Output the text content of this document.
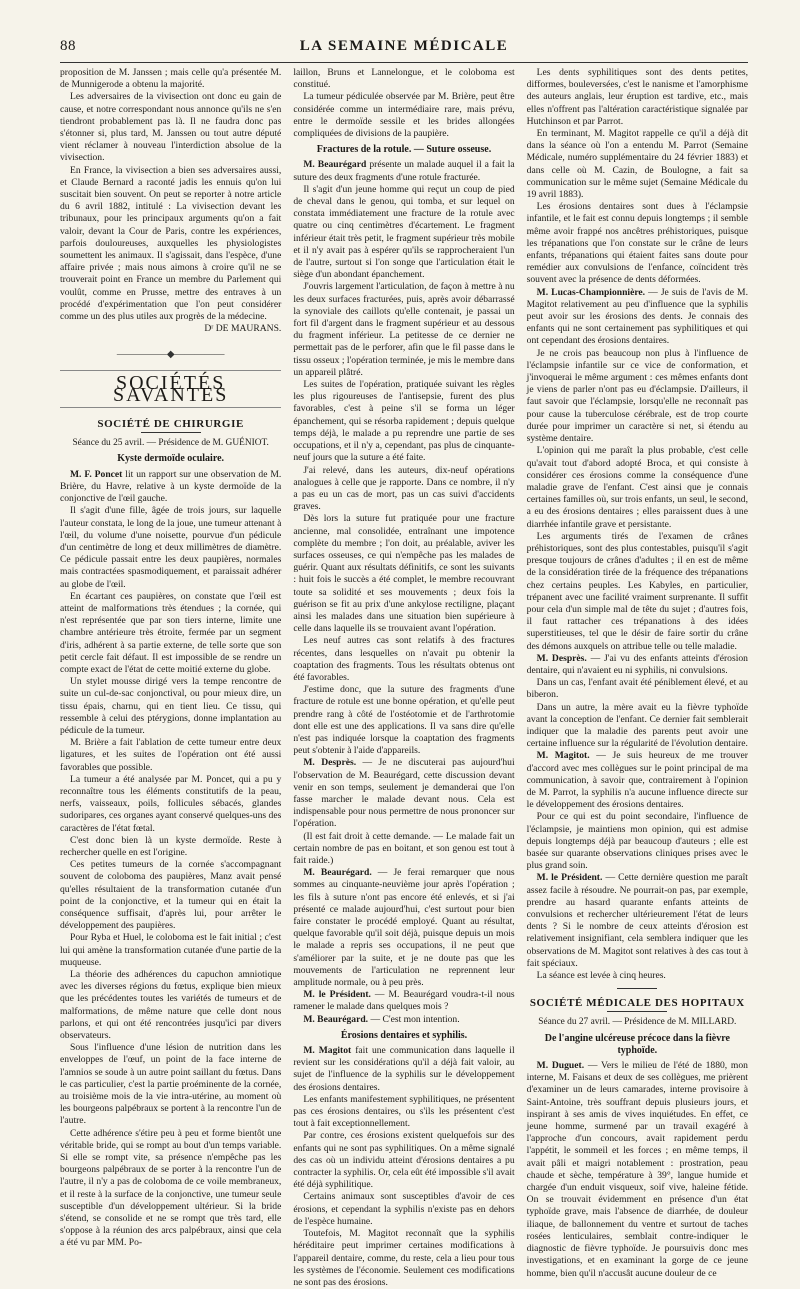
88	LA SEMAINE MÉDICALE

proposition de M. Janssen ; mais celle qu'a présentée M. de Munnigerode a obtenu la majorité.

Les adversaires de la vivisection ont donc eu gain de cause, et notre correspondant nous annonce qu'ils ne s'en tiendront probablement pas là. Il ne faudra donc pas s'étonner si, plus tard, M. Janssen ou tout autre député vient réclamer à nouveau l'interdiction absolue de la vivisection.

En France, la vivisection a bien ses adversaires aussi, et Claude Bernard a raconté jadis les ennuis qu'on lui suscitait bien souvent. On peut se reporter à notre article du 6 avril 1882, intitulé : La vivisection devant les tribunaux, pour les principaux arguments qu'on a fait valoir, devant la Cour de Paris, contre les expériences, parfois douloureuses, auxquelles les physiologistes soumettent les animaux. Il s'agissait, dans l'espèce, d'une affaire privée ; mais nous aimons à croire qu'il ne se trouverait point en France un membre du Parlement qui voulût, comme en Prusse, mettre des entraves à un procédé d'expérimentation que l'on peut considérer comme un des plus utiles aux progrès de la médecine.

Dʳ DE MAURANS.

—————◆—————
SOCIÉTÉS SAVANTES
SOCIÉTÉ DE CHIRURGIE
Séance du 25 avril. — Présidence de M. GUÉNIOT.
Kyste dermoïde oculaire.

M. F. Poncet lit un rapport sur une observation de M. Brière, du Havre, relative à un kyste dermoïde de la conjonctive de l'œil gauche.

Il s'agit d'une fille, âgée de trois jours, sur laquelle l'auteur constata, le long de la joue, une tumeur attenant à l'œil, du volume d'une noisette, pourvue d'un pédicule d'un centimètre de long et deux millimètres de diamètre. Ce pédicule passait entre les deux paupières, normales mais contractées spasmodiquement, et paraissait adhérer au globe de l'œil.

En écartant ces paupières, on constate que l'œil est atteint de malformations très étendues ; la cornée, qui n'est représentée que par son tiers interne, limite une chambre antérieure très étroite, fermée par un segment d'iris, adhérent à sa partie externe, de telle sorte que son petit cercle fait défaut. Il est impossible de se rendre un compte exact de l'état de cette moitié externe du globe.

Un stylet mousse dirigé vers la tempe rencontre de suite un cul-de-sac conjonctival, ou pour mieux dire, un tissu épais, charnu, qui en tient lieu. Ce tissu, qui ressemble à celui des ptérygions, donne implantation au pédicule de la tumeur.

M. Brière a fait l'ablation de cette tumeur entre deux ligatures, et les suites de l'opération ont été aussi favorables que possible.

La tumeur a été analysée par M. Poncet, qui a pu y reconnaître tous les éléments constitutifs de la peau, nerfs, vaisseaux, poils, follicules sébacés, glandes sudoripares, ces organes ayant conservé quelques-uns des caractères de l'état fœtal.

C'est donc bien là un kyste dermoïde. Reste à rechercher quelle en est l'origine.

Ces petites tumeurs de la cornée s'accompagnant souvent de coloboma des paupières, Manz avait pensé qu'elles résultaient de la transformation cutanée d'un point de la conjonctive, et la tumeur qui en était la conséquence suffisait, d'après lui, pour arrêter le développement des paupières.

Pour Ryba et Huel, le coloboma est le fait initial ; c'est lui qui amène la transformation cutanée d'une partie de la muqueuse.

La théorie des adhérences du capuchon amniotique avec les diverses régions du fœtus, explique bien mieux que les précédentes toutes les variétés de tumeurs et de malformations, de même nature que celle dont nous parlons, et qui ont été rencontrées jusqu'ici par divers observateurs.

Sous l'influence d'une lésion de nutrition dans les enveloppes de l'œuf, un point de la face interne de l'amnios se soude à un autre point saillant du fœtus. Dans le cas particulier, c'est la partie proéminente de la cornée, au troisième mois de la vie intra-utérine, au moment où les bourgeons palpébraux se portent à la rencontre l'un de l'autre.

Cette adhérence s'étire peu à peu et forme bientôt une véritable bride, qui se rompt au bout d'un temps variable. Si elle se rompt vite, sa présence n'empêche pas les bourgeons palpébraux de se porter à la rencontre l'un de l'autre, il n'y a pas de coloboma de ce voile membraneux, et il reste à la surface de la conjonctive, une tumeur seule susceptible d'un développement ultérieur. Si la bride s'étend, se consolide et ne se rompt que très tard, elle s'oppose à la réunion des arcs palpébraux, ainsi que cela a été vu par MM. Po-

laillon, Bruns et Lannelongue, et le coloboma est constitué.

La tumeur pédiculée observée par M. Brière, peut être considérée comme un intermédiaire rare, mais prévu, entre le dermoïde sessile et les brides allongées compliquées de divisions de la paupière.

Fractures de la rotule. — Suture osseuse.

M. Beaurégard présente un malade auquel il a fait la suture des deux fragments d'une rotule fracturée.

Il s'agit d'un jeune homme qui reçut un coup de pied de cheval dans le genou, qui tomba, et sur lequel on constata immédiatement une fracture de la rotule avec quatre ou cinq centimètres d'écartement. Le fragment inférieur était très petit, le fragment supérieur très mobile et il n'y avait pas à espérer qu'ils se rapprocheraient l'un de l'autre, surtout si l'on songe que l'articulation était le siège d'un abondant épanchement.

J'ouvris largement l'articulation, de façon à mettre à nu les deux surfaces fracturées, puis, après avoir débarrassé la synoviale des caillots qu'elle contenait, je passai un fort fil d'argent dans le fragment supérieur et au dessous du fragment inférieur. La petitesse de ce dernier ne permettait pas de le perforer, afin que le fil passe dans le tissu osseux ; l'opération terminée, je mis le membre dans un appareil plâtré.

Les suites de l'opération, pratiquée suivant les règles les plus rigoureuses de l'antisepsie, furent des plus favorables, c'est à peine s'il se forma un léger épanchement, qui se résorba rapidement ; depuis quelque temps déjà, le malade a pu reprendre une partie de ses occupations, et il n'y a, cependant, pas plus de cinquante-neuf jours que la suture a été faite.

J'ai relevé, dans les auteurs, dix-neuf opérations analogues à celle que je rapporte. Dans ce nombre, il n'y a pas eu un cas de mort, pas un cas suivi d'accidents graves.

Dès lors la suture fut pratiquée pour une fracture ancienne, mal consolidée, entraînant une impotence complète du membre ; l'on doit, au préalable, aviver les surfaces osseuses, ce qui n'empêche pas les malades de guérir. Quant aux résultats définitifs, ce sont les suivants : huit fois le succès a été complet, le membre recouvrant toute sa solidité et ses mouvements ; deux fois la guérison se fit au prix d'une ankylose rectiligne, plaçant ainsi les malades dans une situation bien supérieure à celle dans laquelle ils se trouvaient avant l'opération.

Les neuf autres cas sont relatifs à des fractures récentes, dans lesquelles on n'avait pu obtenir la coaptation des fragments. Tous les résultats obtenus ont été favorables.

J'estime donc, que la suture des fragments d'une fracture de rotule est une bonne opération, et qu'elle peut prendre rang à côté de l'ostéotomie et de l'arthrotomie dont elle est une des applications. Il va sans dire qu'elle n'est pas indiquée lorsque la coaptation des fragments peut s'obtenir à l'aide d'appareils.

M. Desprès. — Je ne discuterai pas aujourd'hui l'observation de M. Beaurégard, cette discussion devant venir en son temps, seulement je demanderai que l'on fasse marcher le malade devant nous. Cela est indispensable pour nous permettre de nous prononcer sur l'opération.

(Il est fait droit à cette demande. — Le malade fait un certain nombre de pas en boitant, et son genou est tout à fait raide.)

M. Beaurégard. — Je ferai remarquer que nous sommes au cinquante-neuvième jour après l'opération ; les fils à suture n'ont pas encore été enlevés, et si j'ai présenté ce malade aujourd'hui, c'est surtout pour bien faire constater le procédé employé. Quant au résultat, quelque favorable qu'il soit déjà, puisque depuis un mois le malade a repris ses occupations, il ne peut que s'améliorer par la suite, et je ne doute pas que les mouvements de l'articulation ne reprennent leur amplitude normale, ou à peu près.

M. le Président. — M. Beaurégard voudra-t-il nous ramener le malade dans quelques mois ?

M. Beaurégard. — C'est mon intention.

Érosions dentaires et syphilis.

M. Magitot fait une communication dans laquelle il revient sur les considérations qu'il a déjà fait valoir, au sujet de l'influence de la syphilis sur le développement des érosions dentaires.

Les enfants manifestement syphilitiques, ne présentent pas ces érosions dentaires, ou s'ils les présentent c'est tout à fait exceptionnellement.

Par contre, ces érosions existent quelquefois sur des enfants qui ne sont pas syphilitiques. On a même signalé des cas où un individu atteint d'érosions dentaires a pu contracter la syphilis. Or, cela eût été impossible s'il avait été déjà syphilitique.

Certains animaux sont susceptibles d'avoir de ces érosions, et cependant la syphilis n'existe pas en dehors de l'espèce humaine.

Toutefois, M. Magitot reconnaît que la syphilis héréditaire peut imprimer certaines modifications à l'appareil dentaire, comme, du reste, cela a lieu pour tous les systèmes de l'économie. Seulement ces modifications ne sont pas des érosions.

Les dents syphilitiques sont des dents petites, difformes, bouleversées, c'est le nanisme et l'amorphisme des auteurs anglais, leur éruption est tardive, etc., mais elles n'offrent pas l'altération caractéristique signalée par Hutchinson et par Parrot.

En terminant, M. Magitot rappelle ce qu'il a déjà dit dans la séance où l'on a entendu M. Parrot (Semaine Médicale, numéro supplémentaire du 24 février 1883) et dans celle où M. Cazin, de Boulogne, a fait sa communication sur le même sujet (Semaine Médicale du 19 avril 1883).

Les érosions dentaires sont dues à l'éclampsie infantile, et le fait est connu depuis longtemps ; il semble même avoir frappé nos ancêtres préhistoriques, puisque les trépanations que l'on constate sur le crâne de leurs enfants, trépanations qui étaient faites sans doute pour remédier aux convulsions de l'enfance, coïncident très souvent avec la présence de dents déformées.

M. Lucas-Championnière. — Je suis de l'avis de M. Magitot relativement au peu d'influence que la syphilis peut avoir sur les érosions des dents. Je connais des enfants qui ne sont certainement pas syphilitiques et qui ont cependant des érosions dentaires.

Je ne crois pas beaucoup non plus à l'influence de l'éclampsie infantile sur ce vice de conformation, et j'invoquerai le même argument : ces mêmes enfants dont je viens de parler n'ont pas eu d'éclampsie. D'ailleurs, il faut savoir que l'éclampsie, lorsqu'elle ne reconnaît pas pour cause la tuberculose cérébrale, est de trop courte durée pour imprimer un caractère si net, si étendu au système dentaire.

L'opinion qui me paraît la plus probable, c'est celle qu'avait tout d'abord adopté Broca, et qui consiste à considérer ces érosions comme la conséquence d'une maladie grave de l'enfant. C'est ainsi que je connais certaines familles où, sur trois enfants, un seul, le second, a eu des érosions dentaires ; elles paraissent dues à une diarrhée infantile grave et persistante.

Les arguments tirés de l'examen de crânes préhistoriques, sont des plus contestables, puisqu'il s'agit presque toujours de crânes d'adultes ; il en est de même de la considération tirée de la fréquence des trépanations chez certains peuples. Les Kabyles, en particulier, trépanent avec une facilité vraiment surprenante. Il suffit pour cela d'un simple mal de tête du sujet ; d'autres fois, il faut rattacher ces trépanations à des idées superstitieuses, tel que le désir de faire sortir du crâne des démons auxquels on attribue telle ou telle maladie.

M. Desprès. — J'ai vu des enfants atteints d'érosion dentaire, qui n'avaient eu ni syphilis, ni convulsions.

Dans un cas, l'enfant avait été péniblement élevé, et au biberon.

Dans un autre, la mère avait eu la fièvre typhoïde avant la conception de l'enfant. Ce dernier fait semblerait indiquer que la maladie des parents peut avoir une certaine influence sur la régularité de l'évolution dentaire.

M. Magitot. — Je suis heureux de me trouver d'accord avec mes collègues sur le point principal de ma communication, à savoir que, contrairement à l'opinion de M. Parrot, la syphilis n'a aucune influence directe sur le développement des érosions dentaires.

Pour ce qui est du point secondaire, l'influence de l'éclampsie, je maintiens mon opinion, qui est admise depuis longtemps déjà par beaucoup d'auteurs ; elle est basée sur quarante observations cliniques prises avec le plus grand soin.

M. le Président. — Cette dernière question me paraît assez facile à résoudre. Ne pourrait-on pas, par exemple, prendre au hasard quarante enfants atteints de convulsions et rechercher ultérieurement l'état de leurs dents ? Si le nombre de ceux atteints d'érosion est relativement insignifiant, cela semblera indiquer que les observations de M. Magitot sont relatives à des cas tout à fait spéciaux.

La séance est levée à cinq heures.

SOCIÉTÉ MÉDICALE DES HOPITAUX
Séance du 27 avril. — Présidence de M. MILLARD.
De l'angine ulcéreuse précoce dans la fièvre typhoïde.

M. Duguet. — Vers le milieu de l'été de 1880, mon interne, M. Faisans et deux de ses collègues, me prièrent d'examiner un de leurs camarades, interne provisoire à Saint-Antoine, très souffrant depuis plusieurs jours, et inspirant à ses amis de vives inquiétudes. En effet, ce jeune homme, surmené par un travail exagéré à l'approche d'un concours, avait rapidement perdu l'appétit, le sommeil et les forces ; en même temps, il avait pâli et maigri notablement : prostration, peau chaude et sèche, température à 39°, langue humide et chargée d'un enduit visqueux, soif vive, haleine fétide. On se trouvait évidemment en présence d'un état typhoïde grave, mais l'absence de diarrhée, de douleur iliaque, de ballonnement du ventre et surtout de taches rosées lenticulaires, semblait contre-indiquer le diagnostic de fièvre typhoïde. Je poursuivis donc mes investigations, et en examinant la gorge de ce jeune homme, bien qu'il n'accusât aucune douleur de ce
